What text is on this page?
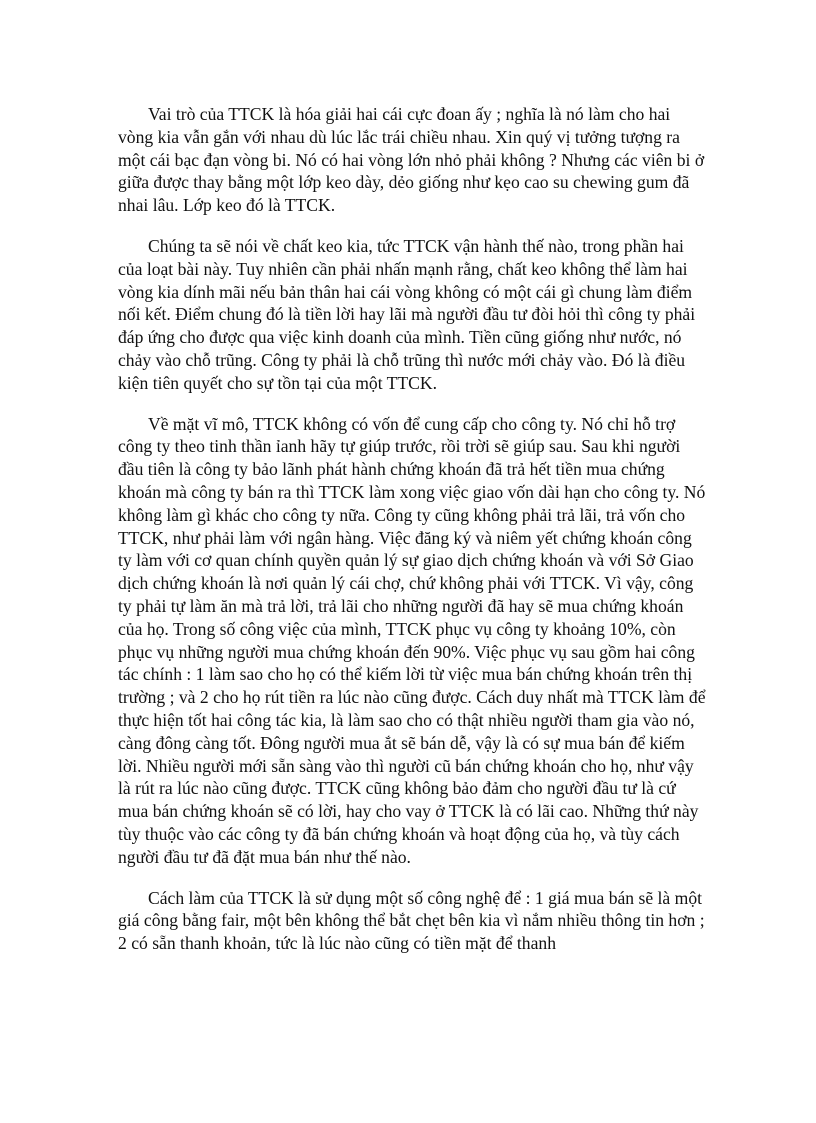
Vai trò của TTCK là hóa giải hai cái cực đoan ấy ; nghĩa là nó làm cho hai vòng kia vẫn gắn với nhau dù lúc lắc trái chiều nhau. Xin quý vị tưởng tượng ra một cái bạc đạn vòng bi. Nó có hai vòng lớn nhỏ phải không ? Nhưng các viên bi ở giữa được thay bằng một lớp keo dày, dẻo giống như kẹo cao su chewing gum đã nhai lâu. Lớp keo đó là TTCK.

Chúng ta sẽ nói về chất keo kia, tức TTCK vận hành thế nào, trong phần hai của loạt bài này. Tuy nhiên cần phải nhấn mạnh rằng, chất keo không thể làm hai vòng kia dính mãi nếu bản thân hai cái vòng không có một cái gì chung làm điểm nối kết. Điểm chung đó là tiền lời hay lãi mà người đầu tư đòi hỏi thì công ty phải đáp ứng cho được qua việc kinh doanh của mình. Tiền cũng giống như nước, nó chảy vào chỗ trũng. Công ty phải là chỗ trũng thì nước mới chảy vào. Đó là điều kiện tiên quyết cho sự tồn tại của một TTCK.

Về mặt vĩ mô, TTCK không có vốn để cung cấp cho công ty. Nó chỉ hỗ trợ công ty theo tinh thần ỉanh hãy tự giúp trước, rồi trời sẽ giúp sau. Sau khi người đầu tiên là công ty bảo lãnh phát hành chứng khoán đã trả hết tiền mua chứng khoán mà công ty bán ra thì TTCK làm xong việc giao vốn dài hạn cho công ty. Nó không làm gì khác cho công ty nữa. Công ty cũng không phải trả lãi, trả vốn cho TTCK, như phải làm với ngân hàng. Việc đăng ký và niêm yết chứng khoán công ty làm với cơ quan chính quyền quản lý sự giao dịch chứng khoán và với Sở Giao dịch chứng khoán là nơi quản lý cái chợ, chứ không phải với TTCK. Vì vậy, công ty phải tự làm ăn mà trả lời, trả lãi cho những người đã hay sẽ mua chứng khoán của họ. Trong số công việc của mình, TTCK phục vụ công ty khoảng 10%, còn phục vụ những người mua chứng khoán đến 90%. Việc phục vụ sau gồm hai công tác chính : 1 làm sao cho họ có thể kiếm lời từ việc mua bán chứng khoán trên thị trường ; và 2 cho họ rút tiền ra lúc nào cũng được. Cách duy nhất mà TTCK làm để thực hiện tốt hai công tác kia, là làm sao cho có thật nhiều người tham gia vào nó, càng đông càng tốt. Đông người mua ắt sẽ bán dễ, vậy là có sự mua bán để kiếm lời. Nhiều người mới sẵn sàng vào thì người cũ bán chứng khoán cho họ, như vậy là rút ra lúc nào cũng được. TTCK cũng không bảo đảm cho người đầu tư là cứ mua bán chứng khoán sẽ có lời, hay cho vay ở TTCK là có lãi cao. Những thứ này tùy thuộc vào các công ty đã bán chứng khoán và hoạt động của họ, và tùy cách người đầu tư đã đặt mua bán như thế nào.

Cách làm của TTCK là sử dụng một số công nghệ để : 1 giá mua bán sẽ là một giá công bằng fair, một bên không thể bắt chẹt bên kia vì nắm nhiều thông tin hơn ; 2 có sẵn thanh khoản, tức là lúc nào cũng có tiền mặt để thanh
